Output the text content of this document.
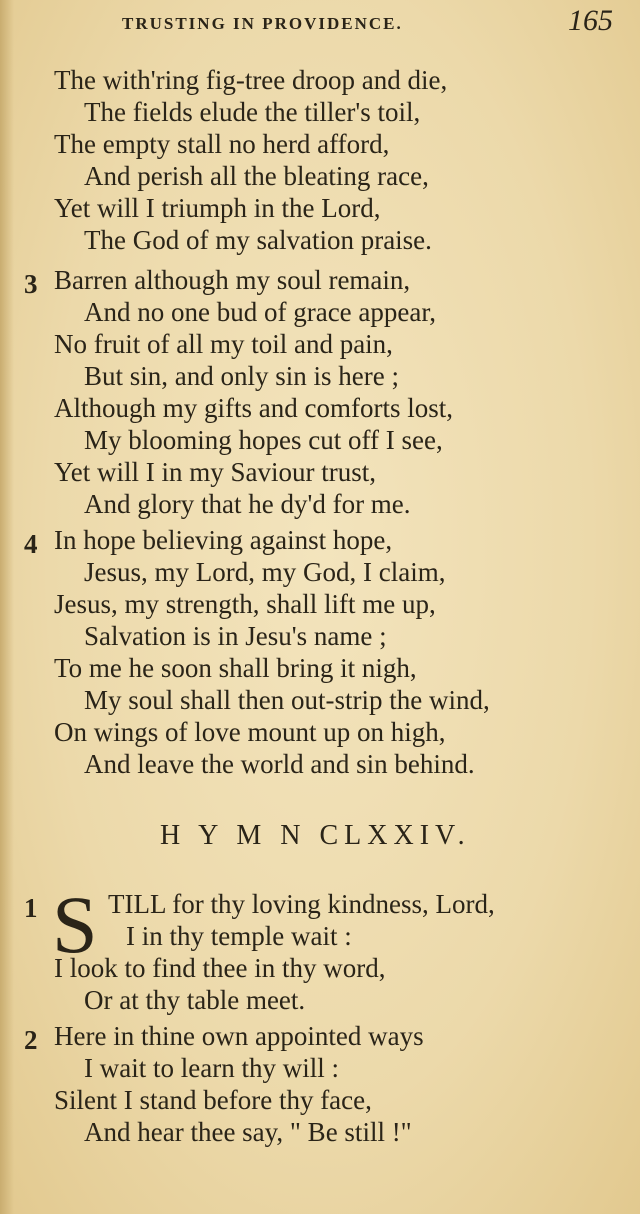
TRUSTING IN PROVIDENCE.	165
The with'ring fig-tree droop and die,
The fields elude the tiller's toil,
The empty stall no herd afford,
And perish all the bleating race,
Yet will I triumph in the Lord,
The God of my salvation praise.
3 Barren although my soul remain,
And no one bud of grace appear,
No fruit of all my toil and pain,
But sin, and only sin is here ;
Although my gifts and comforts lost,
My blooming hopes cut off I see,
Yet will I in my Saviour trust,
And glory that he dy'd for me.
4 In hope believing against hope,
Jesus, my Lord, my God, I claim,
Jesus, my strength, shall lift me up,
Salvation is in Jesu's name ;
To me he soon shall bring it nigh,
My soul shall then out-strip the wind,
On wings of love mount up on high,
And leave the world and sin behind.
H Y M N CLXXIV.
1 S TILL for thy loving kindness, Lord,
I in thy temple wait :
I look to find thee in thy word,
Or at thy table meet.
2 Here in thine own appointed ways
I wait to learn thy will :
Silent I stand before thy face,
And hear thee say, " Be still !"
